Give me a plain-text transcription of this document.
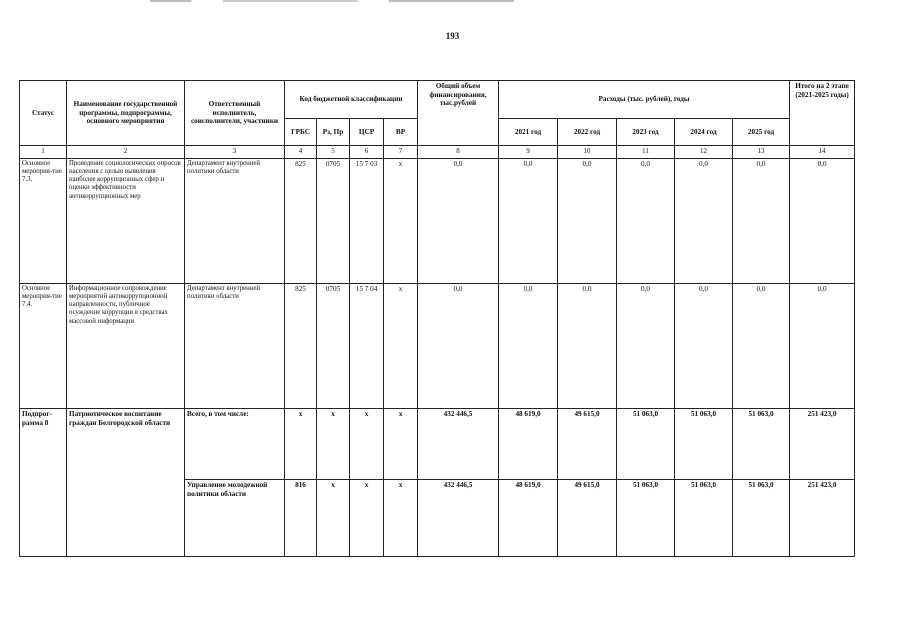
193
Статус	Наименование государственной программы, подпрограммы, основного мероприятия	Ответственный исполнитель, соисполнители, участники	Код бюджетной классификации				Общий объем финансирования, тыс.рублей	Расходы (тыс. рублей), годы					Итого на 2 этапе (2021-2025 годы)
			ГРБС	Рз, Пр	ЦСР	ВР		2021 год	2022 год	2023 год	2024 год	2025 год	
1	2	3	4	5	6	7	8	9	10	11	12	13	14
Основное мероприя-тие 7.3.	Проведение социологических опросов населения с целью выявления наиболее коррупционных сфер и оценки эффективности антикоррупционных мер	Департамент внутренней политики области	825	0705	15 7 03	х	0,0	0,0	0,0	0,0	0,0	0,0	0,0
Основное мероприя-тие 7.4.	Информационное сопровождение мероприятий антикоррупционной направленности, публичное осуждение коррупции в средствах массовой информации	Департамент внутренней политики области	825	0705	15 7 04	х	0,0	0,0	0,0	0,0	0,0	0,0	0,0
Подпрог-рамма 8	Патриотическое воспитание граждан Белгородской области	Всего, в том числе:	х	х	х	х	432 446,5	48 619,0	49 615,0	51 063,0	51 063,0	51 063,0	251 423,0
		Управление молодежной политики области	816	х	х	х	432 446,5	48 619,0	49 615,0	51 063,0	51 063,0	51 063,0	251 423,0
